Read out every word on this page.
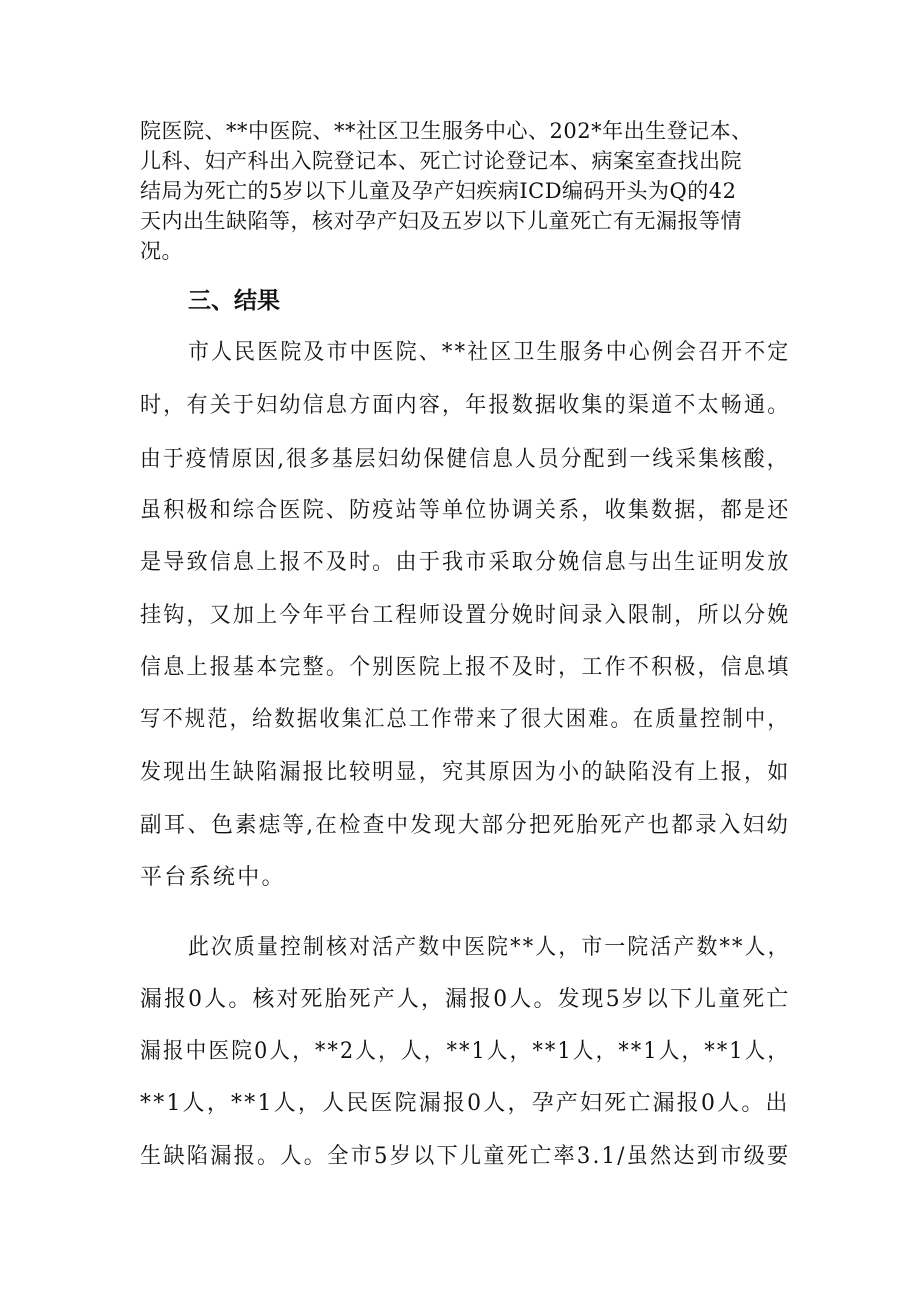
院医院、**中医院、**社区卫生服务中心、202*年出生登记本、
儿科、妇产科出入院登记本、死亡讨论登记本、病案室查找出院
结局为死亡的5岁以下儿童及孕产妇疾病ICD编码开头为Q的42
天内出生缺陷等，核对孕产妇及五岁以下儿童死亡有无漏报等情
况。
三、结果
市人民医院及市中医院、**社区卫生服务中心例会召开不定
时，有关于妇幼信息方面内容，年报数据收集的渠道不太畅通。
由于疫情原因,很多基层妇幼保健信息人员分配到一线采集核酸，
虽积极和综合医院、防疫站等单位协调关系，收集数据，都是还
是导致信息上报不及时。由于我市采取分娩信息与出生证明发放
挂钩，又加上今年平台工程师设置分娩时间录入限制，所以分娩
信息上报基本完整。个别医院上报不及时，工作不积极，信息填
写不规范，给数据收集汇总工作带来了很大困难。在质量控制中，
发现出生缺陷漏报比较明显，究其原因为小的缺陷没有上报，如
副耳、色素痣等,在检查中发现大部分把死胎死产也都录入妇幼
平台系统中。
此次质量控制核对活产数中医院**人，市一院活产数**人，
漏报0人。核对死胎死产人，漏报0人。发现5岁以下儿童死亡
漏报中医院0人，**2人，人，**1人，**1人，**1人，**1人，
**1人，**1人，人民医院漏报0人，孕产妇死亡漏报0人。出
生缺陷漏报。人。全市5岁以下儿童死亡率3.1/虽然达到市级要
